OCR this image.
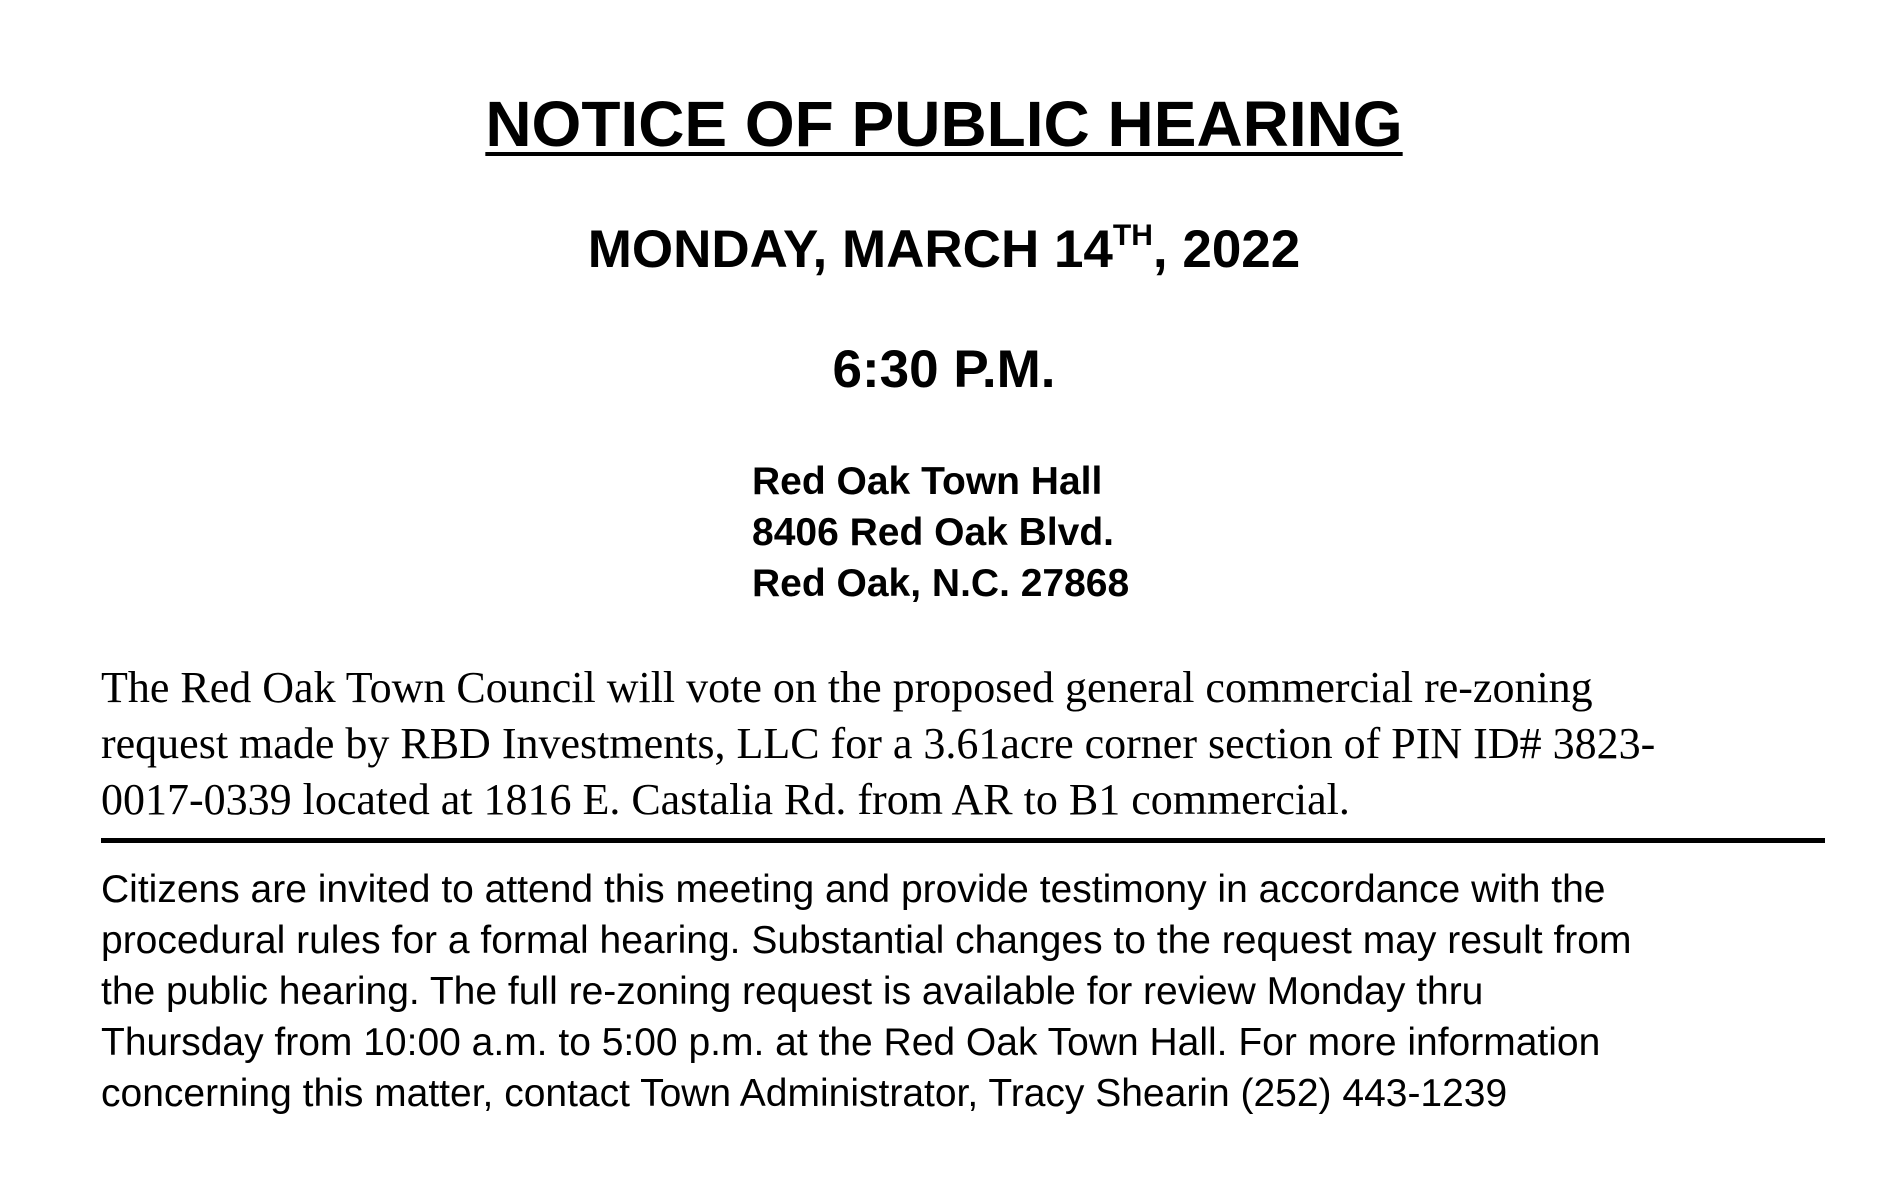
NOTICE OF PUBLIC HEARING

MONDAY, MARCH 14TH, 2022

6:30 P.M.

Red Oak Town Hall
8406 Red Oak Blvd.
Red Oak, N.C. 27868
The Red Oak Town Council will vote on the proposed general commercial re-zoning
request made by RBD Investments, LLC for a 3.61acre corner section of PIN ID# 3823-
0017-0339 located at 1816 E. Castalia Rd. from AR to B1 commercial.
Citizens are invited to attend this meeting and provide testimony in accordance with the
procedural rules for a formal hearing. Substantial changes to the request may result from
the public hearing. The full re-zoning request is available for review Monday thru
Thursday from 10:00 a.m. to 5:00 p.m. at the Red Oak Town Hall. For more information
concerning this matter, contact Town Administrator, Tracy Shearin (252) 443-1239
